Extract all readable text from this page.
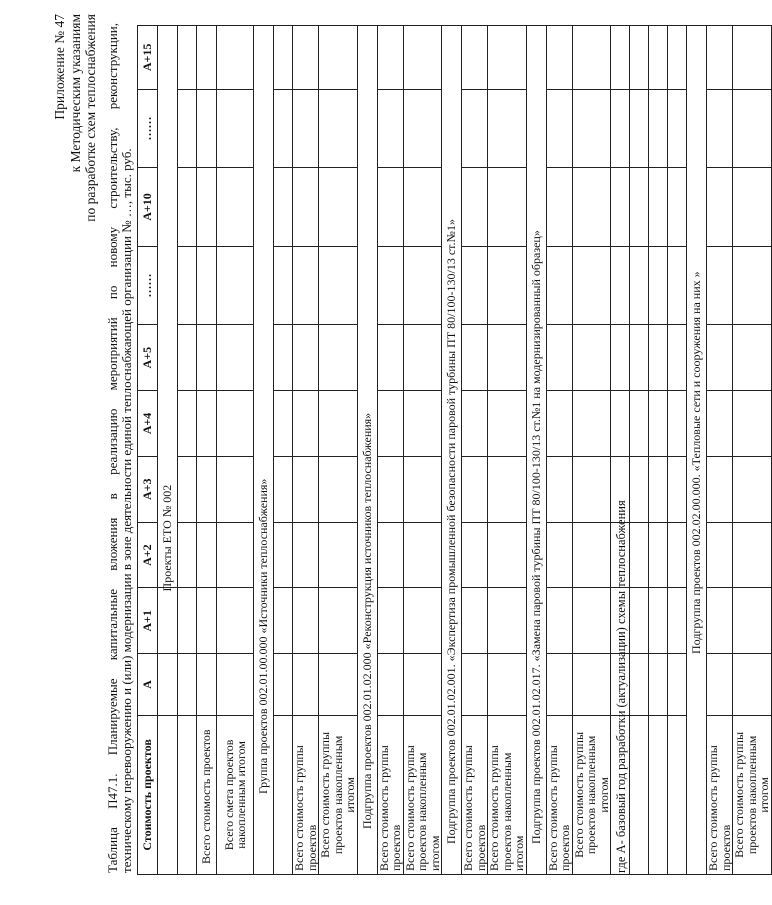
Приложение № 47 к Методическим указаниям по разработке схем теплоснабжения Таблица П47.1. Планируемые капитальные вложения в реализацию мероприятий по новому строительству, реконструкции, техническому перевооружению и (или) модернизации в зоне деятельности единой теплоснабжающей организации № …, тыс. руб. Стоимость проектов	А	А+1	А+2	А+3	А+4	А+5	……	А+10	……	А+15
			Проекты ЕТО № 002							

Всего стоимость проектов										
Всего смета проектов накопленным итогом										
Группа проектов 002.01.00.000 «Источники теплоснабжения»										

Всего стоимость группы проектов										
Всего стоимость группы проектов накопленным итогом										
Подгруппа проектов 002.01.02.000 «Реконструкция источников теплоснабжения»										
Всего стоимость группы проектов										
Всего стоимость группы проектов накопленным итогом										
Подгруппа проектов 002.01.02.001. «Экспертиза промышленной безопасности паровой турбины ПТ 80/100-130/13 ст.№1»										
Всего стоимость группы проектов										
Всего стоимость группы проектов накопленным итогом										
Подгруппа проектов 002.01.02.017. «Замена паровой турбины ПТ 80/100-130/13 ст.№1 на модернизированный образец»										
Всего стоимость группы проектов										
Всего стоимость группы проектов накопленным итогом										

Подгруппа проектов 002.02.00.000. «Тепловые сети и сооружения на них »										
Всего стоимость группы проектов										
Всего стоимость группы проектов накопленным итогом										
где А- базовый год разработки (актуализации) схемы теплоснабжения
